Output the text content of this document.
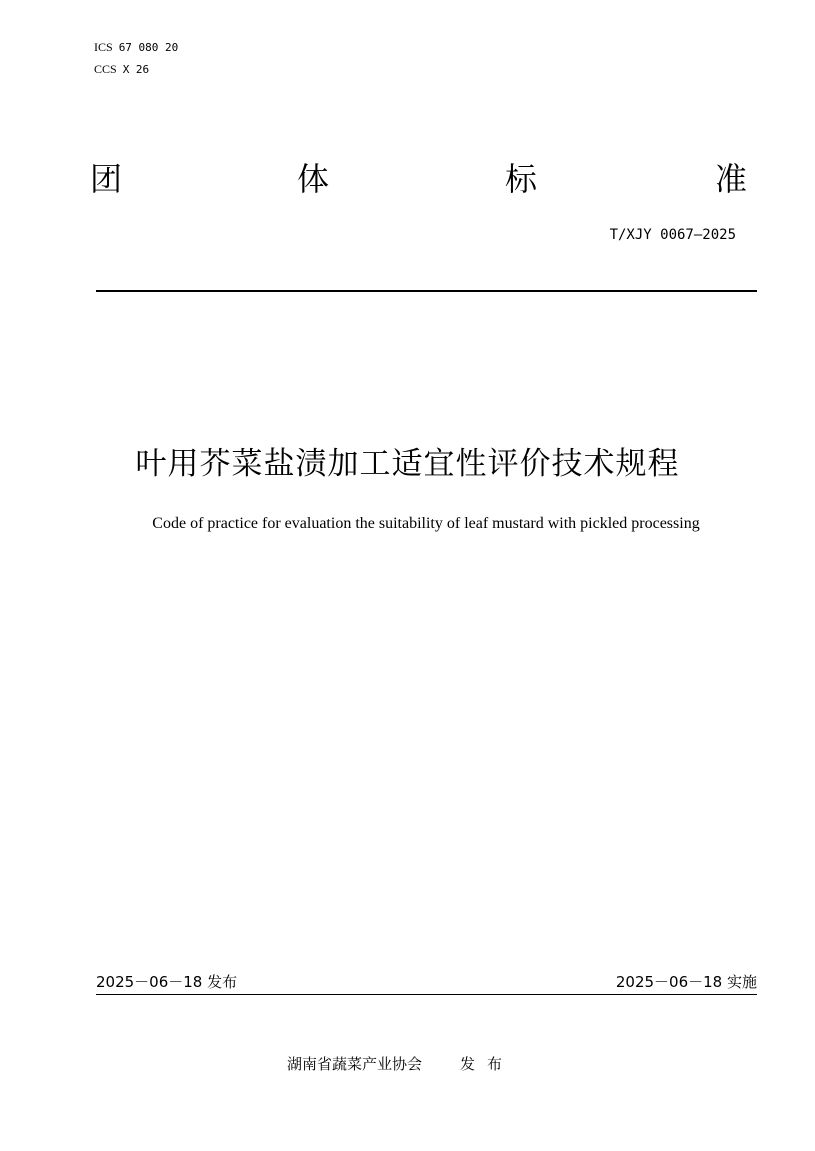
ICS 67 080 20
CCS X 26
团	体	标	准
T/XJY 0067—2025
叶用芥菜盐渍加工适宜性评价技术规程
Code of practice for evaluation the suitability of leaf mustard with pickled processing
2025－06－18 发布	2025－06－18 实施
湖南省蔬菜产业协会	发布
